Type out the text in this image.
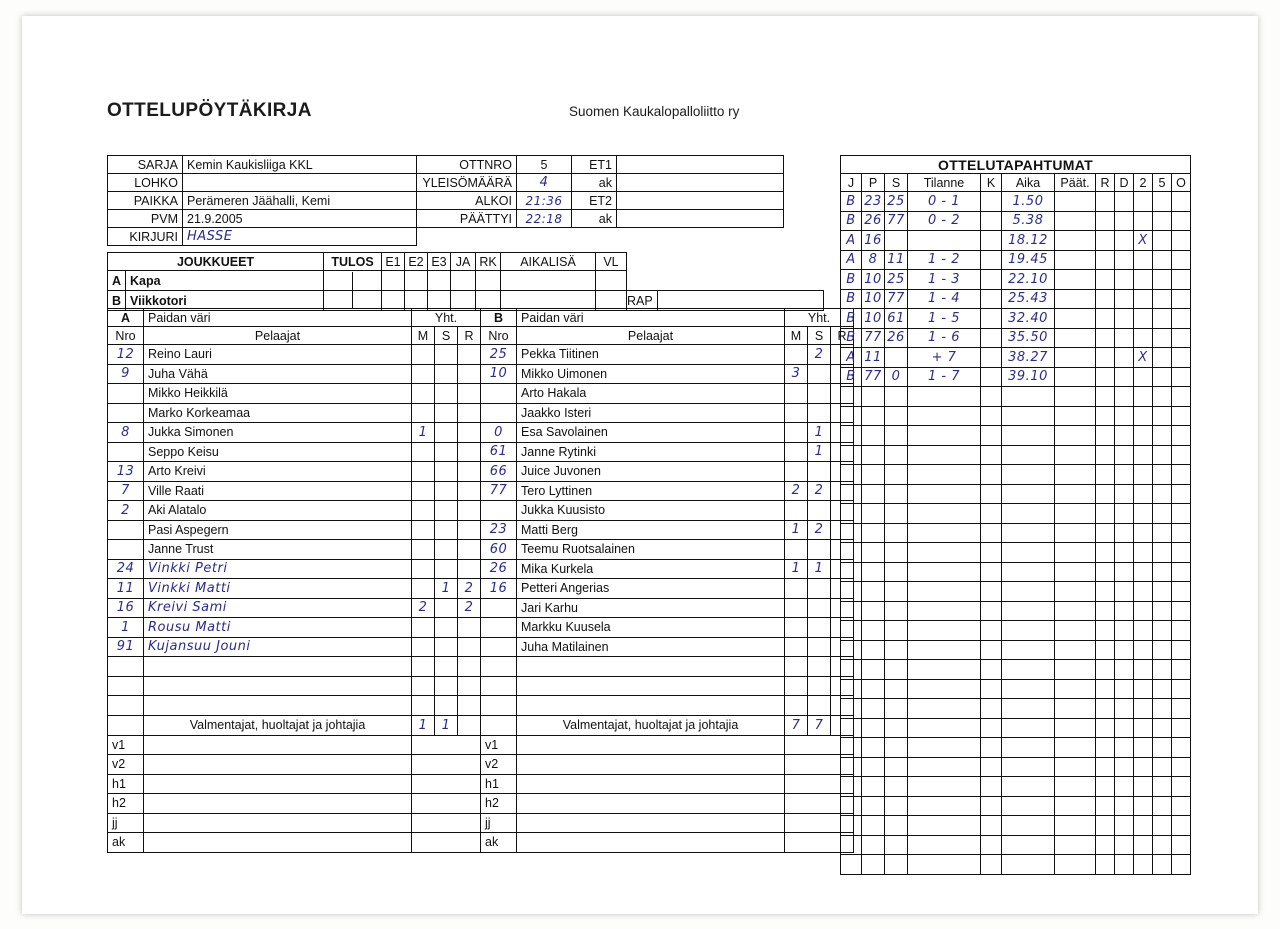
OTTELUPÖYTÄKIRJA	Suomen Kaukalopalloliitto ry
SARJA	Kemin Kaukisliiga KKL	OTTNRO	5	ET1	
LOHKO		YLEISÖMÄÄRÄ	4	ak	
PAIKKA	Perämeren Jäähalli, Kemi	ALKOI	21:36	ET2	
PVM	21.9.2005	PÄÄTTYI	22:18	ak	
KIRJURI	HASSE				
JOUKKUEET	TULOS	E1	E2	E3	JA	RK	AIKALISÄ	VL		
A	Kapa	

B	Viikkotori								RAP	
A	Paidan väri	Yht.			B	Paidan väri	Yht.		
Nro	Pelaajat	M	S	R	Nro	Pelaajat	M	S	R
12	Reino Lauri				25	Pekka Tiitinen		2	
9	Juha Vähä				10	Mikko Uimonen	3		
	Mikko Heikkilä					Arto Hakala			
	Marko Korkeamaa					Jaakko Isteri			
8	Jukka Simonen	1			0	Esa Savolainen		1	
	Seppo Keisu				61	Janne Rytinki		1	
13	Arto Kreivi				66	Juice Juvonen			
7	Ville Raati				77	Tero Lyttinen	2	2	
2	Aki Alatalo					Jukka Kuusisto			
	Pasi Aspegern				23	Matti Berg	1	2	
	Janne Trust				60	Teemu Ruotsalainen			
24	Vinkki Petri				26	Mika Kurkela	1	1	
11	Vinkki Matti		1	2	16	Petteri Angerias			
16	Kreivi Sami	2		2		Jari Karhu			
1	Rousu Matti					Markku Kuusela			
91	Kujansuu Jouni					Juha Matilainen			

	Valmentajat, huoltajat ja johtajia	1	1			Valmentajat, huoltajat ja johtajia	7	7	
v1					v1				
v2					v2				
h1					h1				
h2					h2				
jj					jj				
ak					ak				
OTTELUTAPAHTUMAT											
J	P	S	Tilanne	K	Aika	Päät.	R	D	2	5	O
B	23	25	0 - 1		1.50						
B	26	77	0 - 2		5.38						
A	16				18.12				X		
A	8	11	1 - 2		19.45						
B	10	25	1 - 3		22.10						
B	10	77	1 - 4		25.43						
B	10	61	1 - 5		32.40						
B	77	26	1 - 6		35.50						
A	11		+ 7		38.27				X		
B	77	0	1 - 7		39.10						
